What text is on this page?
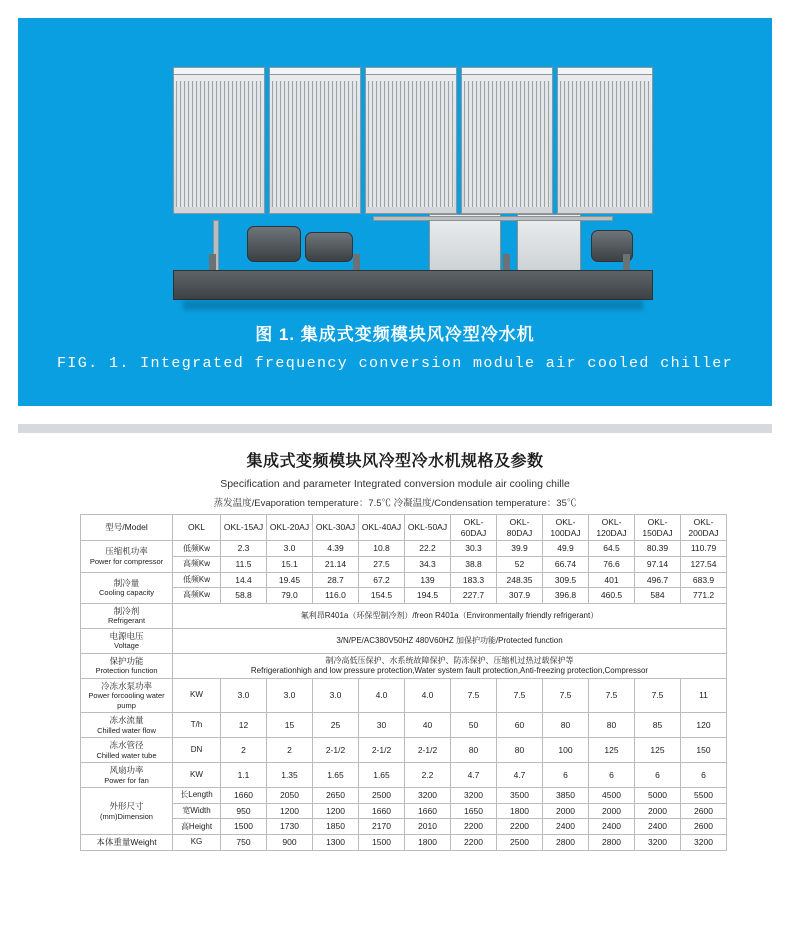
图 1. 集成式变频模块风冷型冷水机
FIG. 1. Integrated frequency conversion module air cooled chiller
集成式变频模块风冷型冷水机规格及参数
Specification and parameter Integrated conversion module air cooling chille
蒸发温度/Evaporation temperature：7.5℃ 冷凝温度/Condensation temperature：35℃
型号/Model	OKL	OKL-15AJ	OKL-20AJ	OKL-30AJ	OKL-40AJ	OKL-50AJ	OKL-60DAJ	OKL-80DAJ	OKL-100DAJ	OKL-120DAJ	OKL-150DAJ	OKL-200DAJ

压缩机功率
Power for compressor	低频Kw	2.3	3.0	4.39	10.8	22.2	30.3	39.9	49.9	64.5	80.39	110.79
	高频Kw	11.5	15.1	21.14	27.5	34.3	38.8	52	66.74	76.6	97.14	127.54

制冷量
Cooling capacity	低频Kw	14.4	19.45	28.7	67.2	139	183.3	248.35	309.5	401	496.7	683.9
	高频Kw	58.8	79.0	116.0	154.5	194.5	227.7	307.9	396.8	460.5	584	771.2

制冷剂
Refrigerant	氟利昂R401a（环保型制冷剂）/freon R401a（Environmentally friendly refrigerant）											

电源电压
Voltage	3/N/PE/AC380V50HZ 480V60HZ 加保护功能/Protected function											

保护功能
Protection function	制冷高低压保护、水系统故障保护、防冻保护、压缩机过热过载保护等
Refrigerationhigh and low pressure protection,Water system fault protection,Anti-freezing protection,Compressor											

冷冻水泵功率
Power forcooling water pump	KW	3.0	3.0	3.0	4.0	4.0	7.5	7.5	7.5	7.5	7.5	11

冻水流量
Chilled water flow	T/h	12	15	25	30	40	50	60	80	80	85	120

冻水管径
Chilled water tube	DN	2	2	2-1/2	2-1/2	2-1/2	80	80	100	125	125	150

风扇功率
Power for fan	KW	1.1	1.35	1.65	1.65	2.2	4.7	4.7	6	6	6	6

外形尺寸
(mm)Dimension	长Length	1660	2050	2650	2500	3200	3200	3500	3850	4500	5000	5500
	宽Width	950	1200	1200	1660	1660	1650	1800	2000	2000	2000	2600
	高Height	1500	1730	1850	2170	2010	2200	2200	2400	2400	2400	2600

本体重量Weight	KG	750	900	1300	1500	1800	2200	2500	2800	2800	3200	3200
